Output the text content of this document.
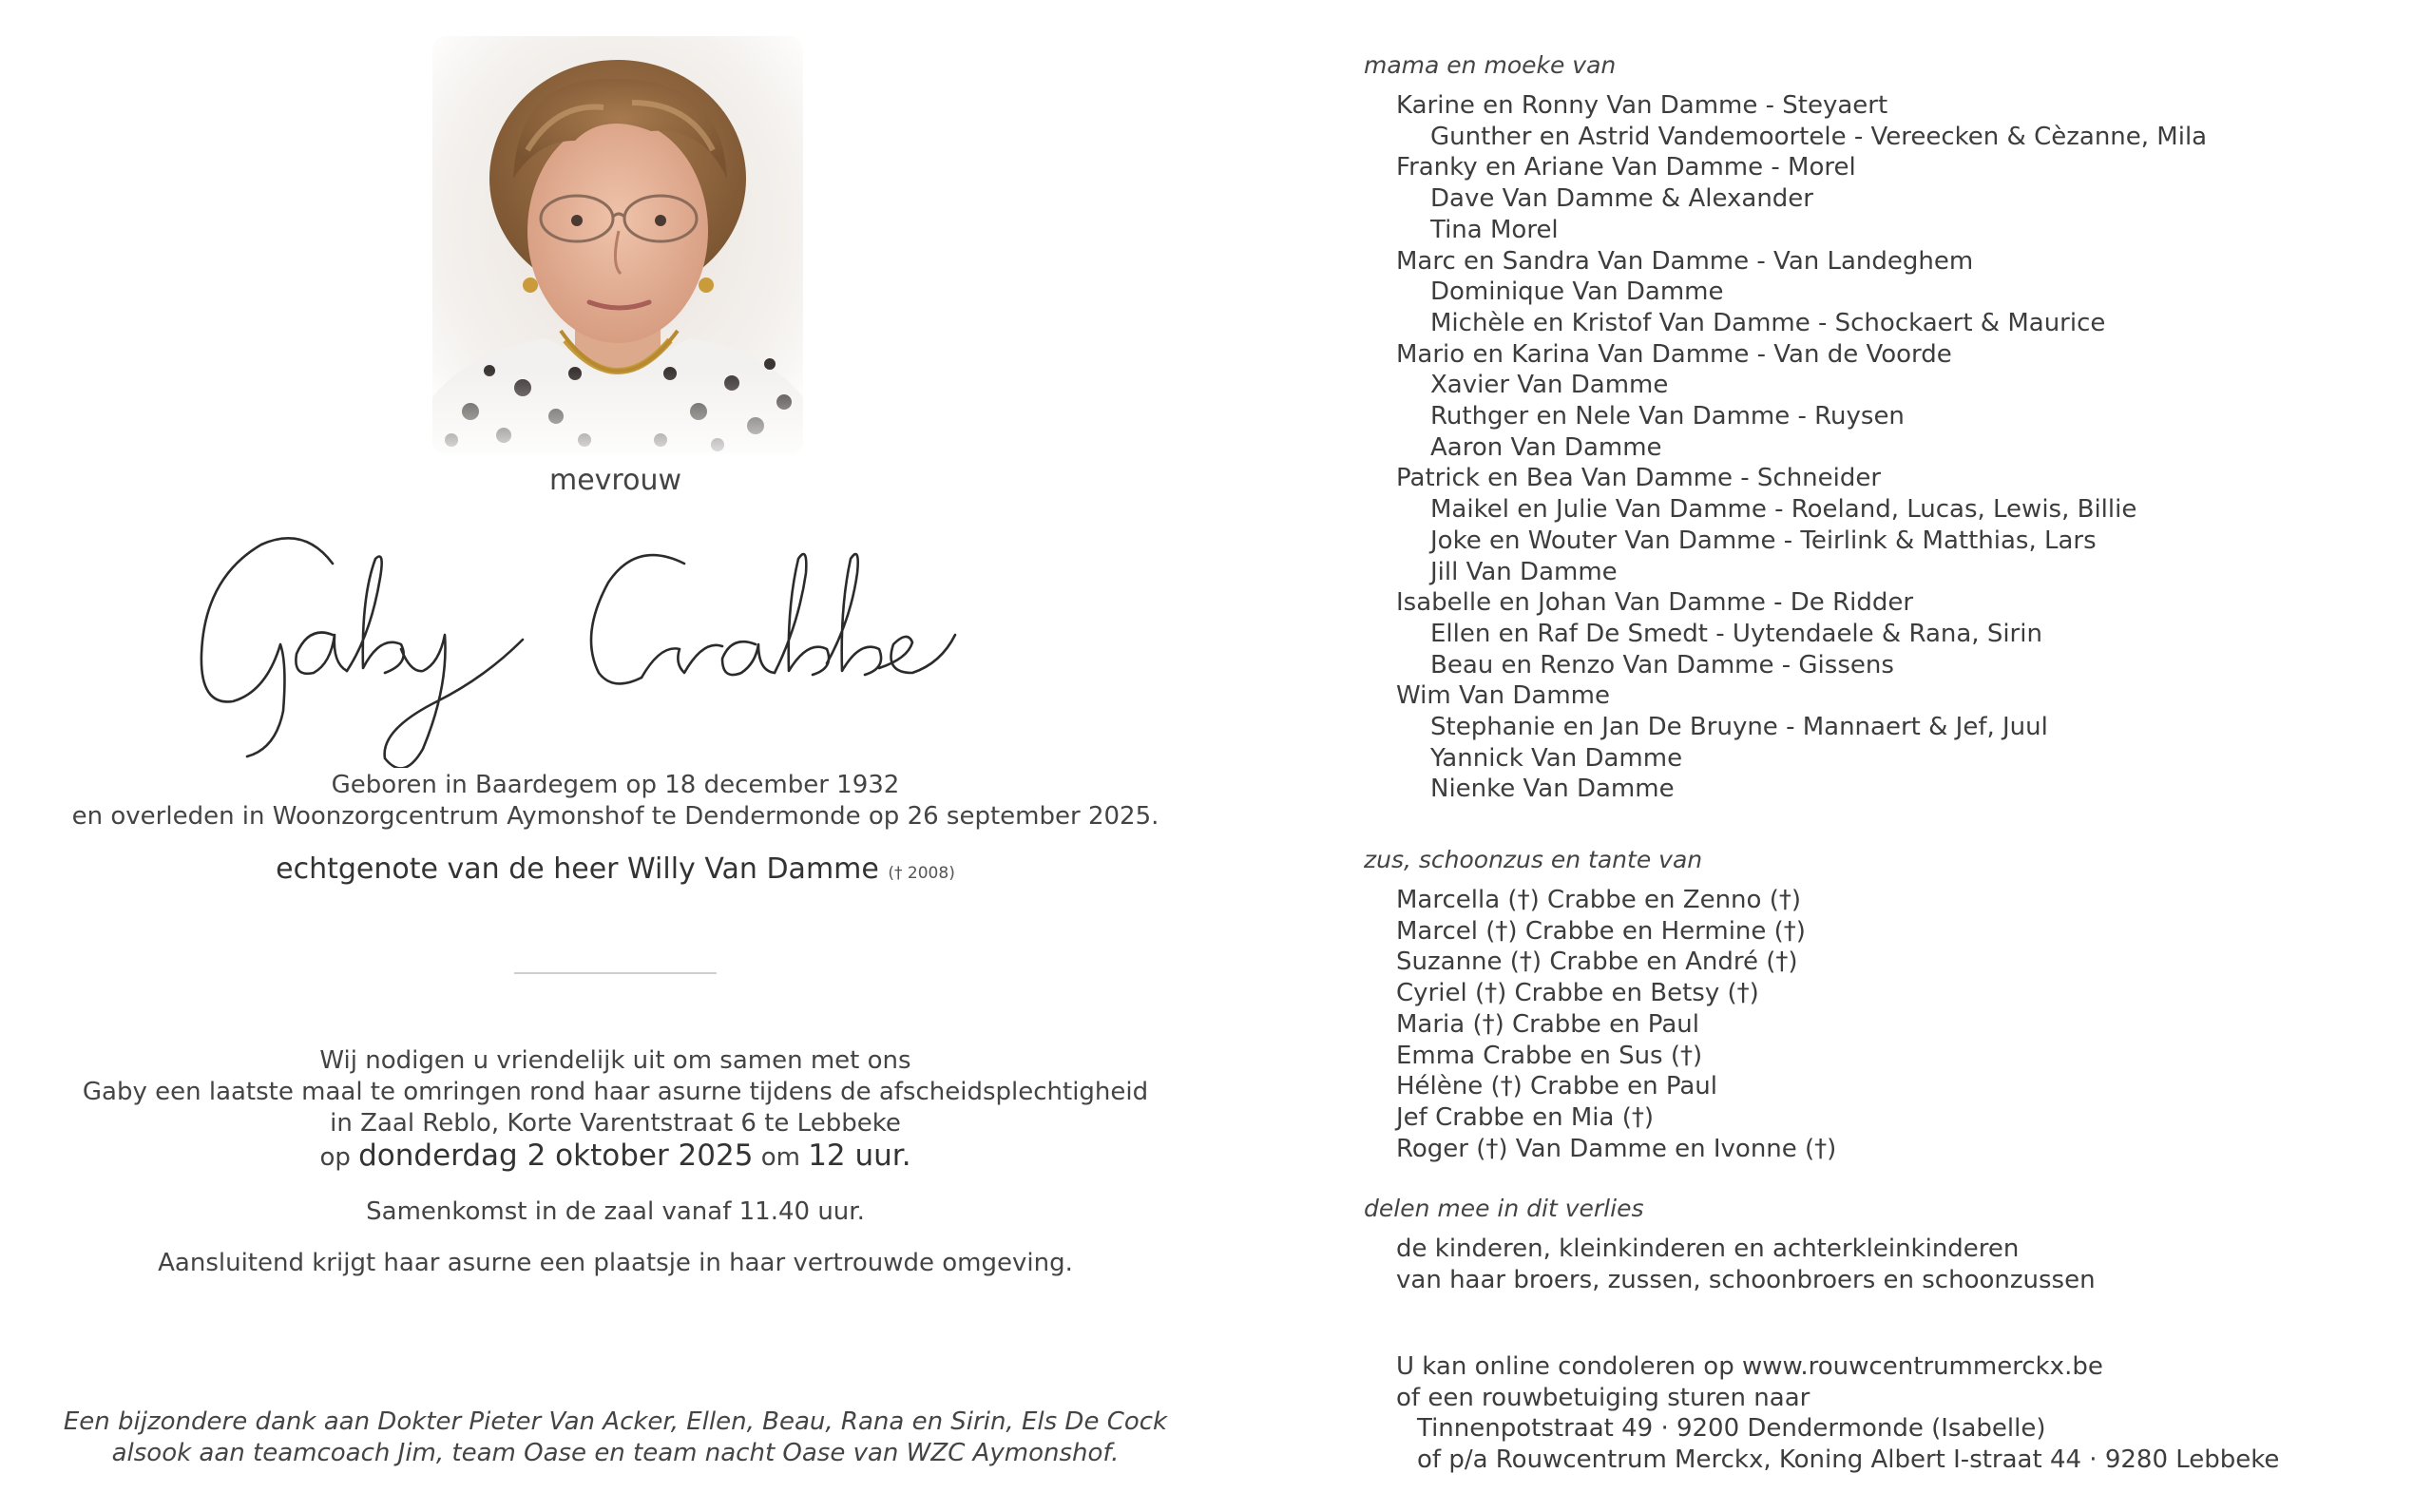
mevrouw
Geboren in Baardegem op 18 december 1932
en overleden in Woonzorgcentrum Aymonshof te Dendermonde op 26 september 2025.
echtgenote van de heer Willy Van Damme († 2008)
Wij nodigen u vriendelijk uit om samen met ons
Gaby een laatste maal te omringen rond haar asurne tijdens de afscheidsplechtigheid
in Zaal Reblo, Korte Varentstraat 6 te Lebbeke
op donderdag 2 oktober 2025 om 12 uur.
Samenkomst in de zaal vanaf 11.40 uur.
Aansluitend krijgt haar asurne een plaatsje in haar vertrouwde omgeving.
Een bijzondere dank aan Dokter Pieter Van Acker, Ellen, Beau, Rana en Sirin, Els De Cock
alsook aan teamcoach Jim, team Oase en team nacht Oase van WZC Aymonshof.
mama en moeke van
Karine en Ronny Van Damme - Steyaert
Gunther en Astrid Vandemoortele - Vereecken & Cèzanne, Mila
Franky en Ariane Van Damme - Morel
Dave Van Damme & Alexander
Tina Morel
Marc en Sandra Van Damme - Van Landeghem
Dominique Van Damme
Michèle en Kristof Van Damme - Schockaert & Maurice
Mario en Karina Van Damme - Van de Voorde
Xavier Van Damme
Ruthger en Nele Van Damme - Ruysen
Aaron Van Damme
Patrick en Bea Van Damme - Schneider
Maikel en Julie Van Damme - Roeland, Lucas, Lewis, Billie
Joke en Wouter Van Damme - Teirlink & Matthias, Lars
Jill Van Damme
Isabelle en Johan Van Damme - De Ridder
Ellen en Raf De Smedt - Uytendaele & Rana, Sirin
Beau en Renzo Van Damme - Gissens
Wim Van Damme
Stephanie en Jan De Bruyne - Mannaert & Jef, Juul
Yannick Van Damme
Nienke Van Damme
zus, schoonzus en tante van
Marcella (†) Crabbe en Zenno (†)
Marcel (†) Crabbe en Hermine (†)
Suzanne (†) Crabbe en André (†)
Cyriel (†) Crabbe en Betsy (†)
Maria (†) Crabbe en Paul
Emma Crabbe en Sus (†)
Hélène (†) Crabbe en Paul
Jef Crabbe en Mia (†)
Roger (†) Van Damme en Ivonne (†)
delen mee in dit verlies
de kinderen, kleinkinderen en achterkleinkinderen
van haar broers, zussen, schoonbroers en schoonzussen
U kan online condoleren op www.rouwcentrummerckx.be
of een rouwbetuiging sturen naar
Tinnenpotstraat 49 · 9200 Dendermonde (Isabelle)
of p/a Rouwcentrum Merckx, Koning Albert I-straat 44 · 9280 Lebbeke
